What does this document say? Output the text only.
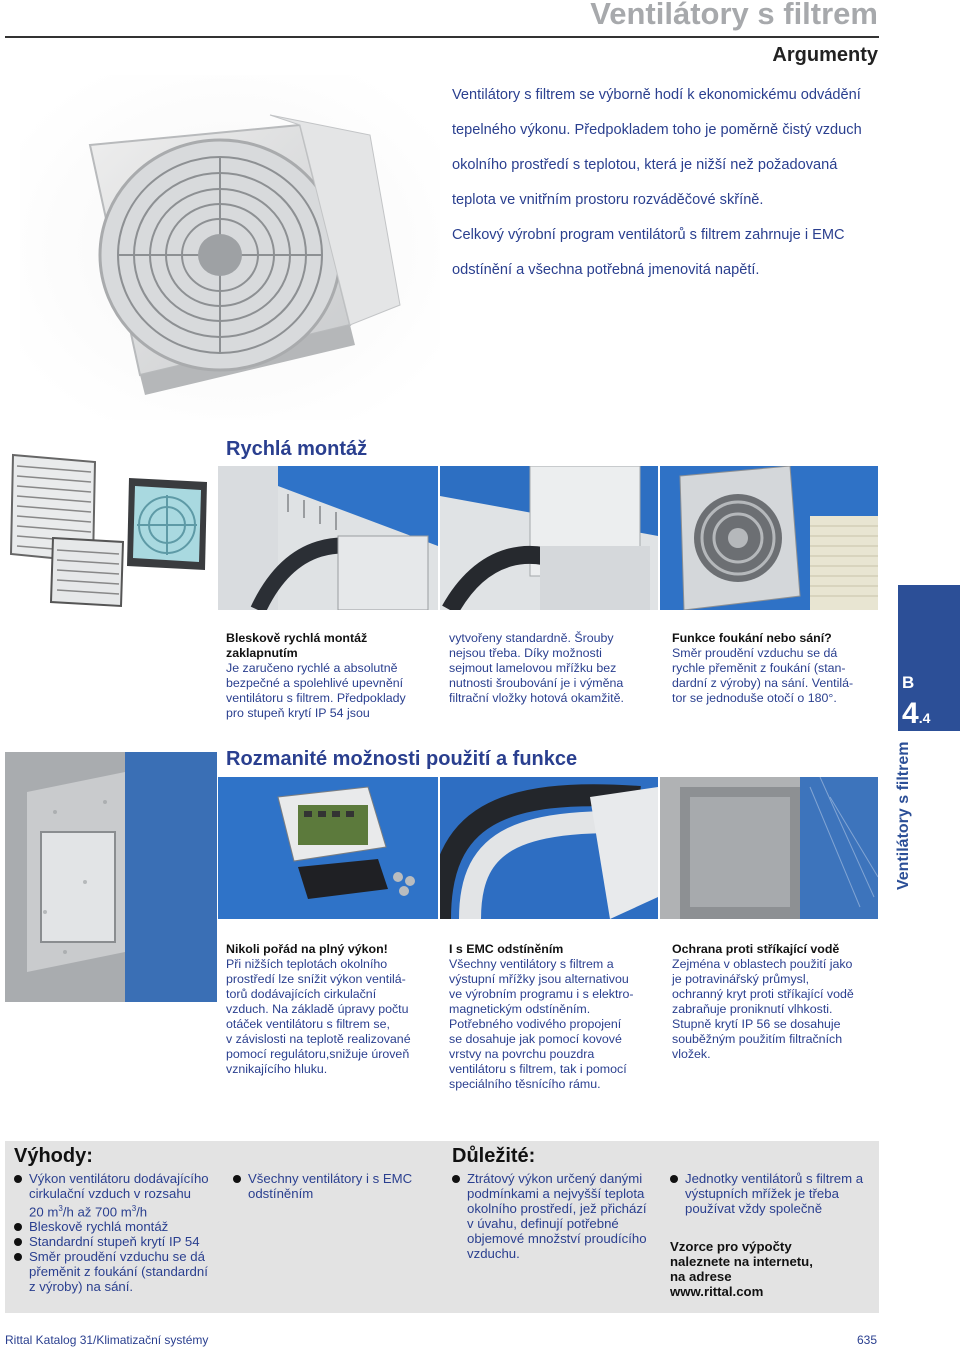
Ventilátory s filtrem
Argumenty

Ventilátory s filtrem se výborně hodí k ekonomickému odvádění

tepelného výkonu. Předpokladem toho je poměrně čistý vzduch

okolního prostředí s teplotou, která je nižší než požadovaná

teplota ve vnitřním prostoru rozváděčové skříně.

Celkový výrobní program ventilátorů s filtrem zahrnuje i EMC

odstínění a všechna potřebná jmenovitá napětí.

Rychlá montáž
Bleskově rychlá montáž
zaklapnutím
Je zaručeno rychlé a absolutně
bezpečné a spolehlivé upevnění
ventilátoru s filtrem. Předpoklady
pro stupeň krytí IP 54 jsou
vytvořeny standardně. Šrouby
nejsou třeba. Díky možnosti
sejmout lamelovou mřížku bez
nutnosti šroubování je i výměna
filtrační vložky hotová okamžitě.
Funkce foukání nebo sání?
Směr proudění vzduchu se dá
rychle přeměnit z foukání (stan-
dardní z výroby) na sání. Ventilá-
tor se jednoduše otočí o 180°.
B
4.4
Ventilátory s filtrem
Rozmanité možnosti použití a funkce
Nikoli pořád na plný výkon!
Při nižších teplotách okolního
prostředí lze snížit výkon ventilá-
torů dodávajících cirkulační
vzduch. Na základě úpravy počtu
otáček ventilátoru s filtrem se,
v závislosti na teplotě realizované
pomocí regulátoru,snižuje úroveň
vznikajícího hluku.
I s EMC odstíněním
Všechny ventilátory s filtrem a
výstupní mřížky jsou alternativou
ve výrobním programu i s elektro-
magnetickým odstíněním.
Potřebného vodivého propojení
se dosahuje jak pomocí kovové
vrstvy na povrchu pouzdra
ventilátoru s filtrem, tak i pomocí
speciálního těsnícího rámu.
Ochrana proti stříkající vodě
Zejména v oblastech použití jako
je potravinářský průmysl,
ochranný kryt proti stříkající vodě
zabraňuje proniknutí vlhkosti.
Stupně krytí IP 56 se dosahuje
souběžným použitím filtračních
vložek.
Výhody:
Výkon ventilátoru dodávajícího
cirkulační vzduch v rozsahu
20 $m^3/h$ až 700 $m^3/h$
Bleskově rychlá montáž
Standardní stupeň krytí IP 54
Směr proudění vzduchu se dá
přeměnit z foukání (standardní
z výroby) na sání.
Všechny ventilátory i s EMC
odstíněním
Důležité:
Ztrátový výkon určený danými
podmínkami a nejvyšší teplota
okolního prostředí, jež přichází
v úvahu, definují potřebné
objemové množství proudícího
vzduchu.
Jednotky ventilátorů s filtrem a
výstupních mřížek je třeba
používat vždy společně
Vzorce pro výpočty
naleznete na internetu,
na adrese
www.rittal.com
Rittal Katalog 31/Klimatizační systémy	635
